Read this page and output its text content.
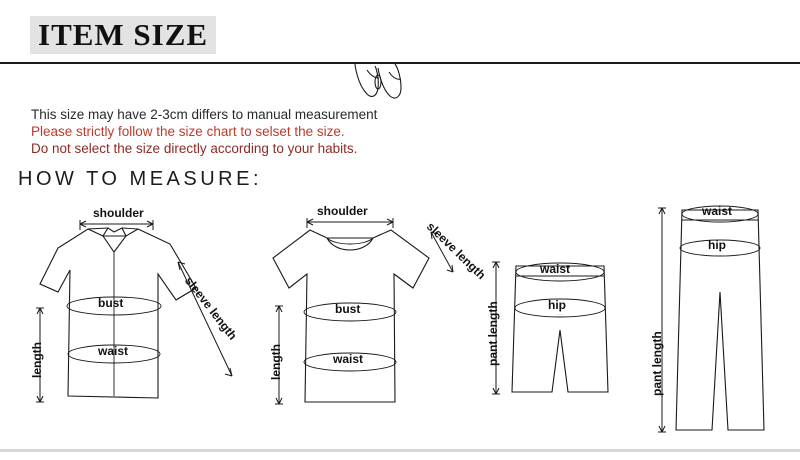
ITEM SIZE
This size may have 2-3cm differs to manual measurement
Please strictly follow the size chart to selset the size.
Do not select the size directly according to your habits.
HOW TO MEASURE:
shoulder
bust
waist
length
sleeve length
shoulder
bust
waist
length
sleeve length	waist
hip
pant length
waist
hip
pant length
